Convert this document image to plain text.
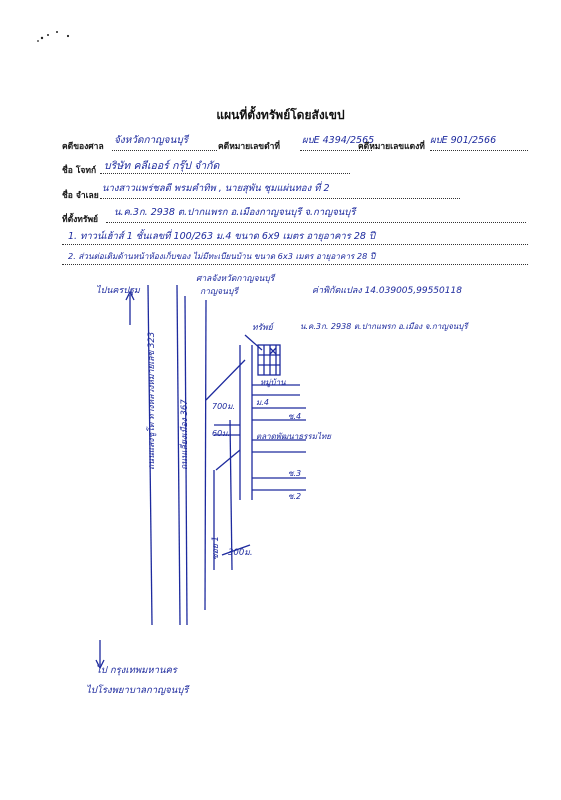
แผนที่ตั้งทรัพย์โดยสังเขป
คดีของศาล
จังหวัดกาญจนบุรี
คดีหมายเลขดำที่
ผบE 4394/2565
คดีหมายเลขแดงที่
ผบE 901/2566
ชื่อ โจทก์ บริษัท คลีเออร์ กรุ๊ป จำกัด
ชื่อ จำเลย
นางสาวแพร่ชลดี พรมคำทิพ , นายสุพัน ชุมแผ่นทอง ที่ 2
ที่ตั้งทรัพย์
น.ค.3ก. 2938 ต.ปากแพรก อ.เมืองกาญจนบุรี จ.กาญจนบุรี
1. ทาวน์เฮ้าส์ 1 ชั้นเลขที่ 100/263 ม.4 ขนาด 6x9 เมตร อายุอาคาร 28 ปี
2. ส่วนต่อเติมด้านหน้าห้องเก็บของ ไม่มีทะเบียนบ้าน ขนาด 6x3 เมตร อายุอาคาร 28 ปี
ไปนครปฐม
ศาลจังหวัดกาญจนบุรี
กาญจนบุรี	ค่าพิกัดแปลง 14.039005,99550118
ทรัพย์	น.ค.3ก. 2938 ต.ปากแพรก อ.เมือง จ.กาญจนบุรี
ถนนแสงชูโต ทางหลวงหมายเลข 323	ถนนเลี่ยงเมือง 367
ซอย 1
หมู่บ้าน
ม.4
ซ.4
ตลาดพัฒนาธรรมไทย
ซ.3
ซ.2
700ม.
60ม.
300ม.
ไป กรุงเทพมหานคร
ไปโรงพยาบาลกาญจนบุรี
